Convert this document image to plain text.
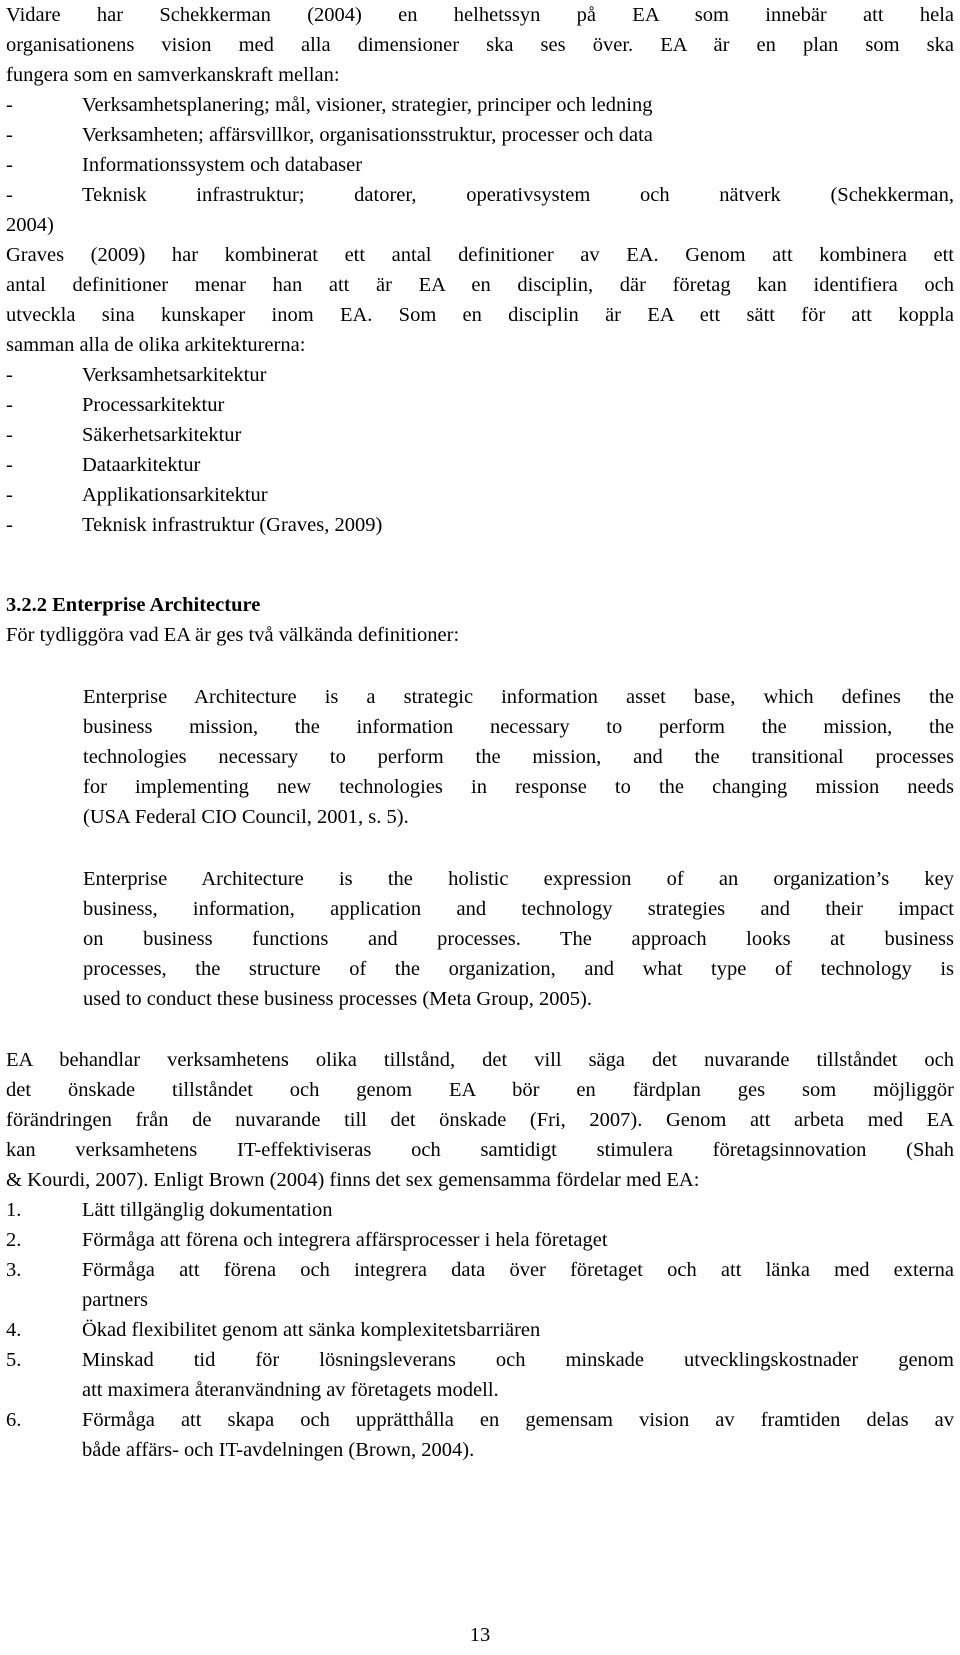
Vidare har Schekkerman (2004) en helhetssyn på EA som innebär att hela
organisationens vision med alla dimensioner ska ses över. EA är en plan som ska
fungera som en samverkanskraft mellan:
-	Verksamhetsplanering; mål, visioner, strategier, principer och ledning
-	Verksamheten; affärsvillkor, organisationsstruktur, processer och data
-	Informationssystem och databaser
-	Teknisk infrastruktur; datorer, operativsystem och nätverk (Schekkerman,
2004)
Graves (2009) har kombinerat ett antal definitioner av EA. Genom att kombinera ett
antal definitioner menar han att är EA en disciplin, där företag kan identifiera och
utveckla sina kunskaper inom EA. Som en disciplin är EA ett sätt för att koppla
samman alla de olika arkitekturerna:
-	Verksamhetsarkitektur
-	Processarkitektur
-	Säkerhetsarkitektur
-	Dataarkitektur
-	Applikationsarkitektur
-	Teknisk infrastruktur (Graves, 2009)
3.2.2 Enterprise Architecture
För tydliggöra vad EA är ges två välkända definitioner:
Enterprise Architecture is a strategic information asset base, which defines the
business mission, the information necessary to perform the mission, the
technologies necessary to perform the mission, and the transitional processes
for implementing new technologies in response to the changing mission needs
(USA Federal CIO Council, 2001, s. 5).
Enterprise Architecture is the holistic expression of an organization’s key
business, information, application and technology strategies and their impact
on business functions and processes. The approach looks at business
processes, the structure of the organization, and what type of technology is
used to conduct these business processes (Meta Group, 2005).
EA behandlar verksamhetens olika tillstånd, det vill säga det nuvarande tillståndet och
det önskade tillståndet och genom EA bör en färdplan ges som möjliggör
förändringen från de nuvarande till det önskade (Fri, 2007). Genom att arbeta med EA
kan verksamhetens IT-effektiviseras och samtidigt stimulera företagsinnovation (Shah
& Kourdi, 2007). Enligt Brown (2004) finns det sex gemensamma fördelar med EA:
1.	Lätt tillgänglig dokumentation
2.	Förmåga att förena och integrera affärsprocesser i hela företaget
3.	Förmåga att förena och integrera data över företaget och att länka med externa
partners
4.	Ökad flexibilitet genom att sänka komplexitetsbarriären
5.	Minskad tid för lösningsleverans och minskade utvecklingskostnader genom
att maximera återanvändning av företagets modell.
6.	Förmåga att skapa och upprätthålla en gemensam vision av framtiden delas av
både affärs- och IT-avdelningen (Brown, 2004).
13
